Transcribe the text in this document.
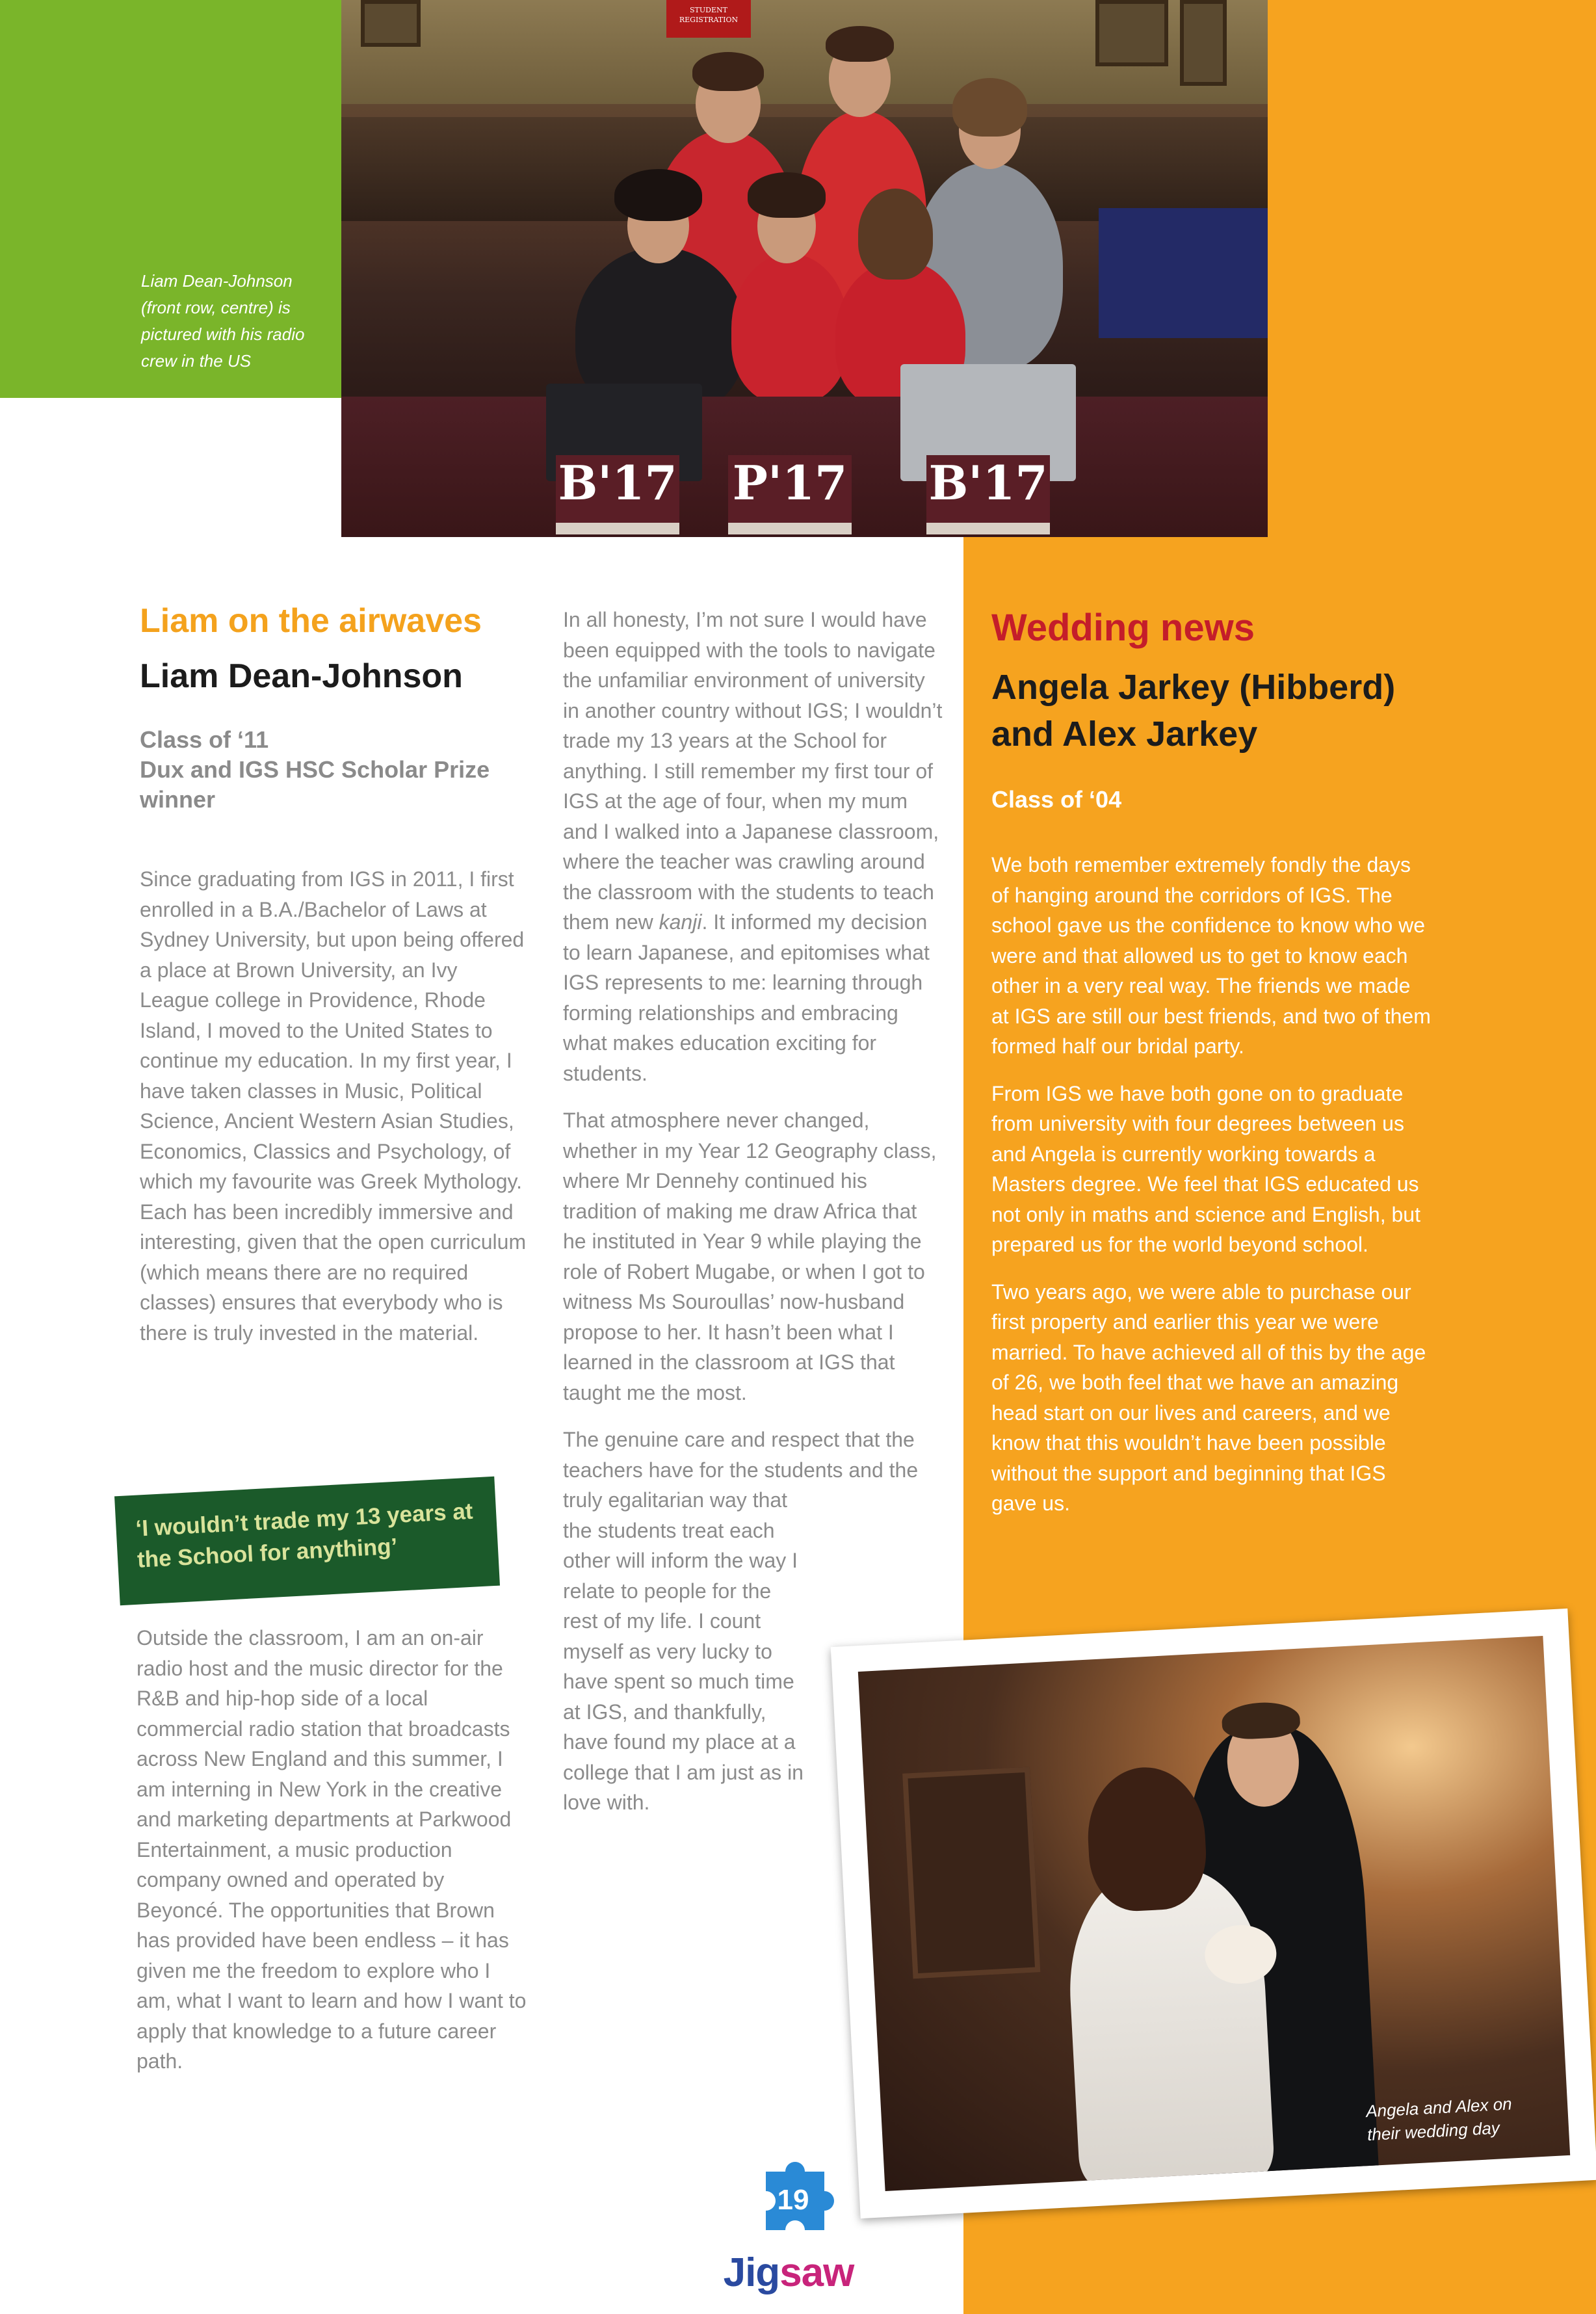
Liam Dean-Johnson (front row, centre) is pictured with his radio crew in the US
STUDENT REGISTRATION
B'17 P'17 B'17
Liam on the airwaves
Liam Dean-Johnson
Class of ‘11
Dux and IGS HSC Scholar Prize winner

Since graduating from IGS in 2011, I first enrolled in a B.A./Bachelor of Laws at Sydney University, but upon being offered a place at Brown University, an Ivy League college in Providence, Rhode Island, I moved to the United States to continue my education. In my first year, I have taken classes in Music, Political Science, Ancient Western Asian Studies, Economics, Classics and Psychology, of which my favourite was Greek Mythology. Each has been incredibly immersive and interesting, given that the open curriculum (which means there are no required classes) ensures that everybody who is there is truly invested in the material.

‘I wouldn’t trade my 13 years at the School for anything’

Outside the classroom, I am an on-air radio host and the music director for the R&B and hip-hop side of a local commercial radio station that broadcasts across New England and this summer, I am interning in New York in the creative and marketing departments at Parkwood Entertainment, a music production company owned and operated by Beyoncé. The opportunities that Brown has provided have been endless – it has given me the freedom to explore who I am, what I want to learn and how I want to apply that knowledge to a future career path.

In all honesty, I’m not sure I would have been equipped with the tools to navigate the unfamiliar environment of university in another country without IGS; I wouldn’t trade my 13 years at the School for anything. I still remember my first tour of IGS at the age of four, when my mum and I walked into a Japanese classroom, where the teacher was crawling around the classroom with the students to teach them new kanji. It informed my decision to learn Japanese, and epitomises what IGS represents to me: learning through forming relationships and embracing what makes education exciting for students.

That atmosphere never changed, whether in my Year 12 Geography class, where Mr Dennehy continued his tradition of making me draw Africa that he instituted in Year 9 while playing the role of Robert Mugabe, or when I got to witness Ms Souroullas’ now-husband propose to her. It hasn’t been what I learned in the classroom at IGS that taught me the most.

The genuine care and respect that the teachers have for the students and the truly egalitarian way that

the students treat each other will inform the way I relate to people for the rest of my life. I count myself as very lucky to have spent so much time at IGS, and thankfully, have found my place at a college that I am just as in love with.

Wedding news
Angela Jarkey (Hibberd) and Alex Jarkey
Class of ‘04

We both remember extremely fondly the days of hanging around the corridors of IGS. The school gave us the confidence to know who we were and that allowed us to get to know each other in a very real way. The friends we made at IGS are still our best friends, and two of them formed half our bridal party.

From IGS we have both gone on to graduate from university with four degrees between us and Angela is currently working towards a Masters degree. We feel that IGS educated us not only in maths and science and English, but prepared us for the world beyond school.

Two years ago, we were able to purchase our first property and earlier this year we were married. To have achieved all of this by the age of 26, we both feel that we have an amazing head start on our lives and careers, and we know that this wouldn’t have been possible without the support and beginning that IGS gave us.

Angela and Alex on their wedding day
19
Jigsaw
